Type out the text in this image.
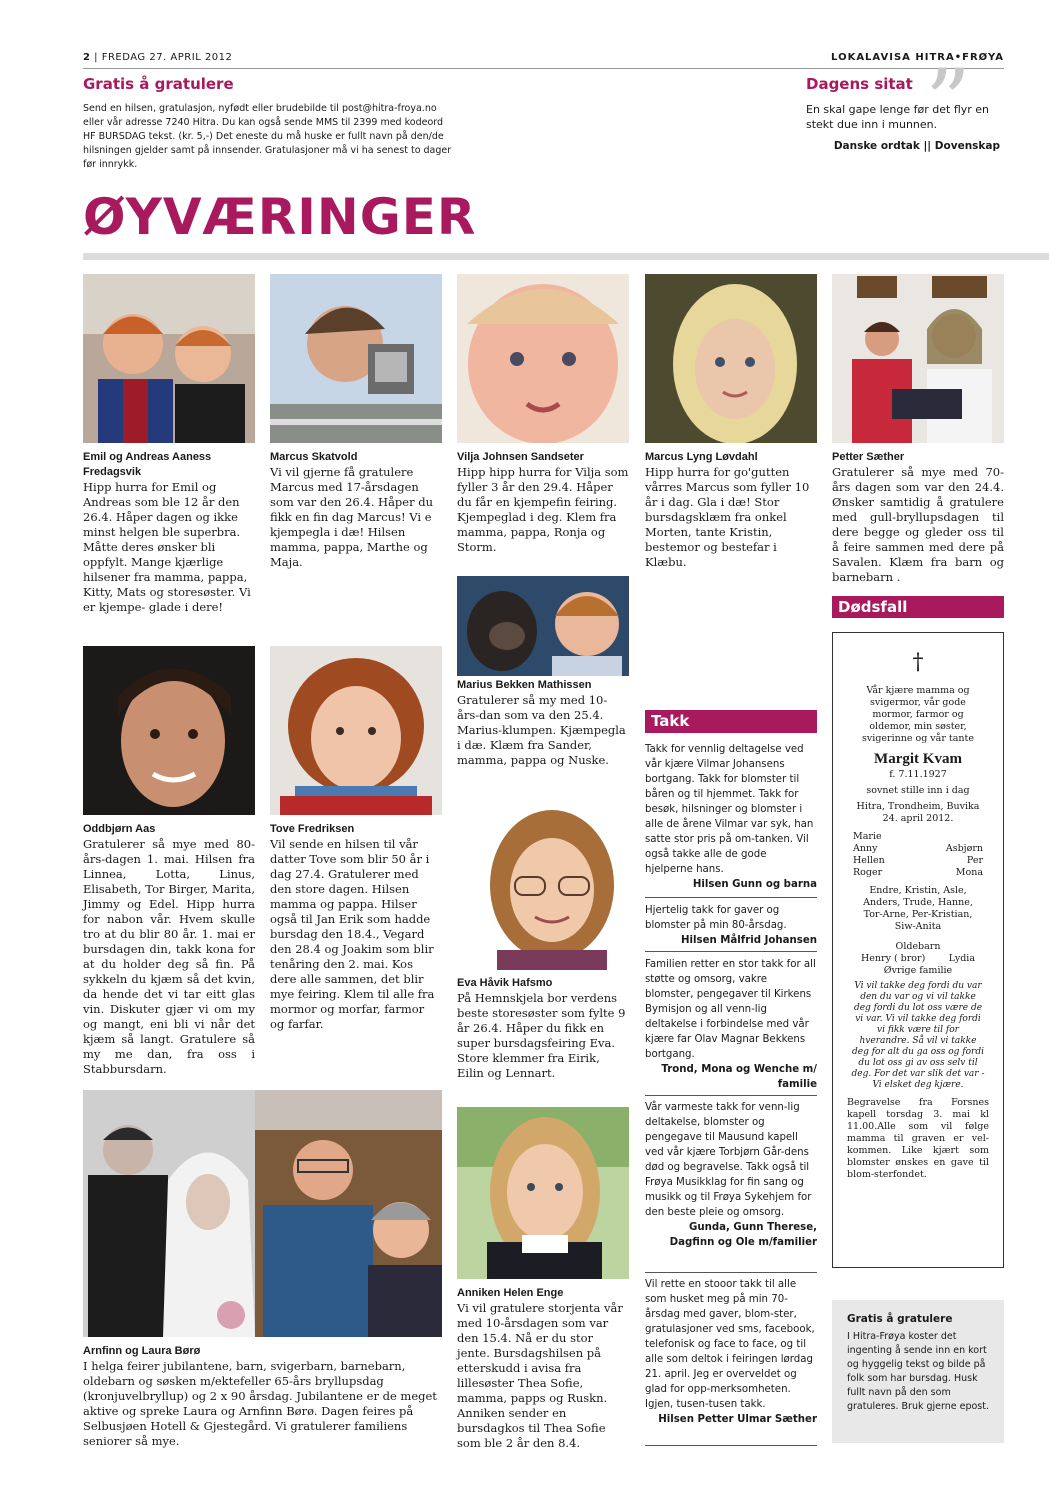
2 | FREDAG 27. APRIL 2012	LOKALAVISA HITRA•FRØYA
Gratis å gratulere
Send en hilsen, gratulasjon, nyfødt eller brudebilde til post@hitra-froya.no eller vår adresse 7240 Hitra. Du kan også sende MMS til 2399 med kodeord HF BURSDAG tekst. (kr. 5,-) Det eneste du må huske er fullt navn på den/de hilsningen gjelder samt på innsender. Gratulasjoner må vi ha senest to dager før innrykk.
”
Dagens sitat
En skal gape lenge før det flyr en stekt due inn i munnen.
Danske ordtak || Dovenskap
ØYVÆRINGER
Emil og Andreas Aaness Fredagsvik
Hipp hurra for Emil og Andreas som ble 12 år den 26.4. Håper dagen og ikke minst helgen ble superbra. Måtte deres ønsker bli oppfylt. Mange kjærlige hilsener fra mamma, pappa, Kitty, Mats og storesøster. Vi er kjempe- glade i dere!
Marcus Skatvold
Vi vil gjerne få gratulere Marcus med 17-årsdagen som var den 26.4. Håper du fikk en fin dag Marcus! Vi e kjempegla i dæ! Hilsen mamma, pappa, Marthe og Maja.
Vilja Johnsen Sandseter
Hipp hipp hurra for Vilja som fyller 3 år den 29.4. Håper du får en kjempefin feiring. Kjempeglad i deg. Klem fra mamma, pappa, Ronja og Storm.
Marcus Lyng Løvdahl
Hipp hurra for go'gutten vårres Marcus som fyller 10 år i dag. Gla i dæ! Stor bursdagsklæm fra onkel Morten, tante Kristin, bestemor og bestefar i Klæbu.
Petter Sæther
Gratulerer så mye med 70-års dagen som var den 24.4. Ønsker samtidig å gratulere med gull-bryllupsdagen til dere begge og gleder oss til å feire sammen med dere på Savalen. Klæm fra barn og barnebarn .
Marius Bekken Mathissen
Gratulerer så my med 10-års-dan som va den 25.4. Marius-klumpen. Kjæmpegla i dæ. Klæm fra Sander, mamma, pappa og Nuske.
Oddbjørn Aas
Gratulerer så mye med 80-års-dagen 1. mai. Hilsen fra Linnea, Lotta, Linus, Elisabeth, Tor Birger, Marita, Jimmy og Edel. Hipp hurra for nabon vår. Hvem skulle tro at du blir 80 år. 1. mai er bursdagen din, takk kona for at du holder deg så fin. På sykkeln du kjæm så det kvin, da hende det vi tar eitt glas vin. Diskuter gjær vi om my og mangt, eni bli vi når det kjæm så langt. Gratulere så my me dan, fra oss i Stabbursdarn.
Tove Fredriksen
Vil sende en hilsen til vår datter Tove som blir 50 år i dag 27.4. Gratulerer med den store dagen. Hilsen mamma og pappa. Hilser også til Jan Erik som hadde bursdag den 18.4., Vegard den 28.4 og Joakim som blir tenåring den 2. mai. Kos dere alle sammen, det blir mye feiring. Klem til alle fra mormor og morfar, farmor og farfar.
Eva Håvik Hafsmo
På Hemnskjela bor verdens beste storesøster som fylte 9 år 26.4. Håper du fikk en super bursdagsfeiring Eva. Store klemmer fra Eirik, Eilin og Lennart.
Arnfinn og Laura Børø
I helga feirer jubilantene, barn, svigerbarn, barnebarn, oldebarn og søsken m/ektefeller 65-års bryllupsdag (kronjuvelbryllup) og 2 x 90 årsdag. Jubilantene er de meget aktive og spreke Laura og Arnfinn Børø. Dagen feires på Selbusjøen Hotell & Gjestegård. Vi gratulerer familiens seniorer så mye.
Anniken Helen Enge
Vi vil gratulere storjenta vår med 10-årsdagen som var den 15.4. Nå er du stor jente. Bursdagshilsen på etterskudd i avisa fra lillesøster Thea Sofie, mamma, papps og Ruskn. Anniken sender en bursdagkos til Thea Sofie som ble 2 år den 8.4.
Takk
Takk for vennlig deltagelse ved vår kjære Vilmar Johansens bortgang. Takk for blomster til båren og til hjemmet. Takk for besøk, hilsninger og blomster i alle de årene Vilmar var syk, han satte stor pris på om-tanken. Vil også takke alle de gode hjelperne hans.
Hilsen Gunn og barna
Hjertelig takk for gaver og blomster på min 80-årsdag.
Hilsen Målfrid Johansen
Familien retter en stor takk for all støtte og omsorg, vakre blomster, pengegaver til Kirkens Bymisjon og all venn-lig deltakelse i forbindelse med vår kjære far Olav Magnar Bekkens bortgang.
Trond, Mona og Wenche m/ familie
Vår varmeste takk for venn-lig deltakelse, blomster og pengegave til Mausund kapell ved vår kjære Torbjørn Går-dens død og begravelse. Takk også til Frøya Musikklag for fin sang og musikk og til Frøya Sykehjem for den beste pleie og omsorg.
Gunda, Gunn Therese, Dagfinn og Ole m/familier
Vil rette en stooor takk til alle som husket meg på min 70- årsdag med gaver, blom-ster, gratulasjoner ved sms, facebook, telefonisk og face to face, og til alle som deltok i feiringen lørdag 21. april. Jeg er overveldet og glad for opp-merksomheten. Igjen, tusen-tusen takk.
Hilsen Petter Ulmar Sæther
Dødsfall
†

Vår kjære mamma og svigermor, vår gode mormor, farmor og oldemor, min søster, svigerinne og vår tante

Margit Kvam

f. 7.11.1927

sovnet stille inn i dag

Hitra, Trondheim, Buvika 24. april 2012.

Marie
Anny	Asbjørn
Hellen	Per
Roger	Mona

Endre, Kristin, Asle, Anders, Trude, Hanne, Tor-Arne, Per-Kristian, Siw-Anita

Oldebarn

Henry ( bror) Lydia

Øvrige familie

Vi vil takke deg fordi du var den du var og vi vil takke deg fordi du lot oss være de vi var. Vi vil takke deg fordi vi fikk være til for hverandre. Så vil vi takke deg for alt du ga oss og fordi du lot oss gi av oss selv til deg. For det var slik det var -Vi elsket deg kjære.

Begravelse fra Forsnes kapell torsdag 3. mai kl 11.00.Alle som vil følge mamma til graven er vel-kommen. Like kjært som blomster ønskes en gave til blom-sterfondet.

Gratis å gratulere
I Hitra-Frøya koster det ingenting å sende inn en kort og hyggelig tekst og bilde på folk som har bursdag. Husk fullt navn på den som gratuleres. Bruk gjerne epost.
